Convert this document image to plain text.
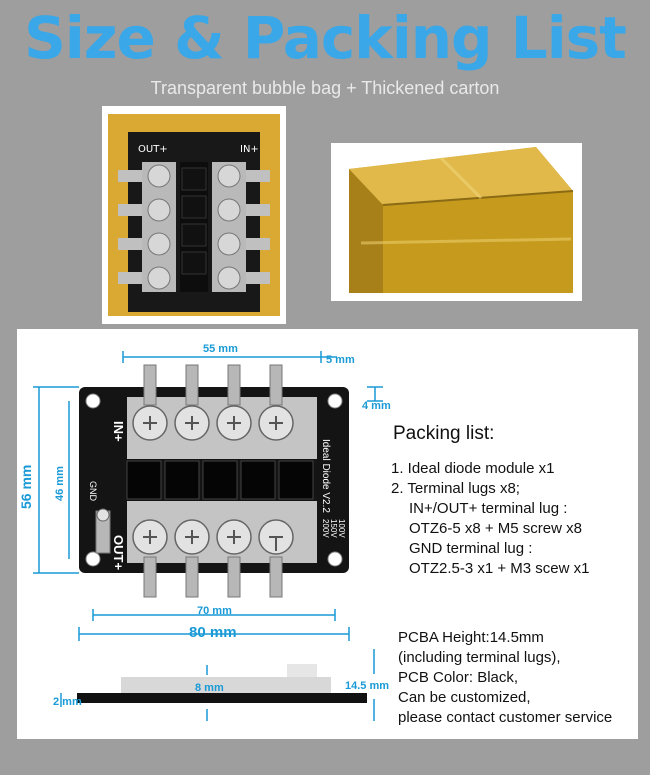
Size & Packing List
Transparent bubble bag + Thickened carton
OUT+	IN+
IN+
OUT+
GND	Ideal Diode V2.2
100V
150V
200V
55 mm
5 mm
4 mm
56 mm 46 mm
70 mm
80 mm
2 mm
8 mm	14.5 mm
Packing list:
1. Ideal diode module x1
2. Terminal lugs x8;
IN+/OUT+ terminal lug :
OTZ6-5 x8 + M5 screw x8
GND terminal lug :
OTZ2.5-3 x1 + M3 scew x1
PCBA Height:14.5mm
(including terminal lugs),
PCB Color: Black,
Can be customized,
please contact customer service
